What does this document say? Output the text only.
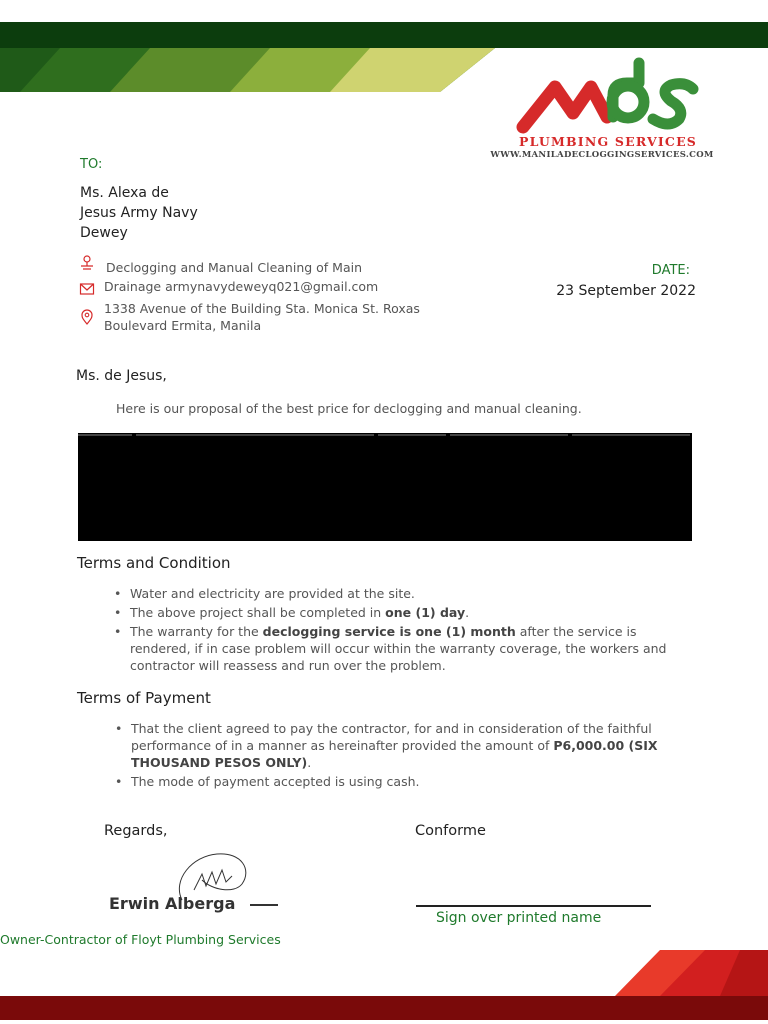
PLUMBING SERVICES
WWW.MANILADECLOGGINGSERVICES.COM
TO:
Ms. Alexa de
Jesus Army Navy
Dewey
Declogging and Manual Cleaning of Main
Drainage armynavydeweyq021@gmail.com
1338 Avenue of the Building Sta. Monica St. Roxas
Boulevard Ermita, Manila
DATE:
23 September 2022
Ms. de Jesus,
Here is our proposal of the best price for declogging and manual cleaning.
Terms and Condition
• Water and electricity are provided at the site.
• The above project shall be completed in one (1) day.
• The warranty for the declogging service is one (1) month after the service is rendered, if in case problem will occur within the warranty coverage, the workers and contractor will reassess and run over the problem.
Terms of Payment
• That the client agreed to pay the contractor, for and in consideration of the faithful performance of in a manner as hereinafter provided the amount of P6,000.00 (SIX THOUSAND PESOS ONLY).
• The mode of payment accepted is using cash.
Regards,	Conforme
Erwin Alberga
Owner-Contractor of Floyt Plumbing Services
Sign over printed name
